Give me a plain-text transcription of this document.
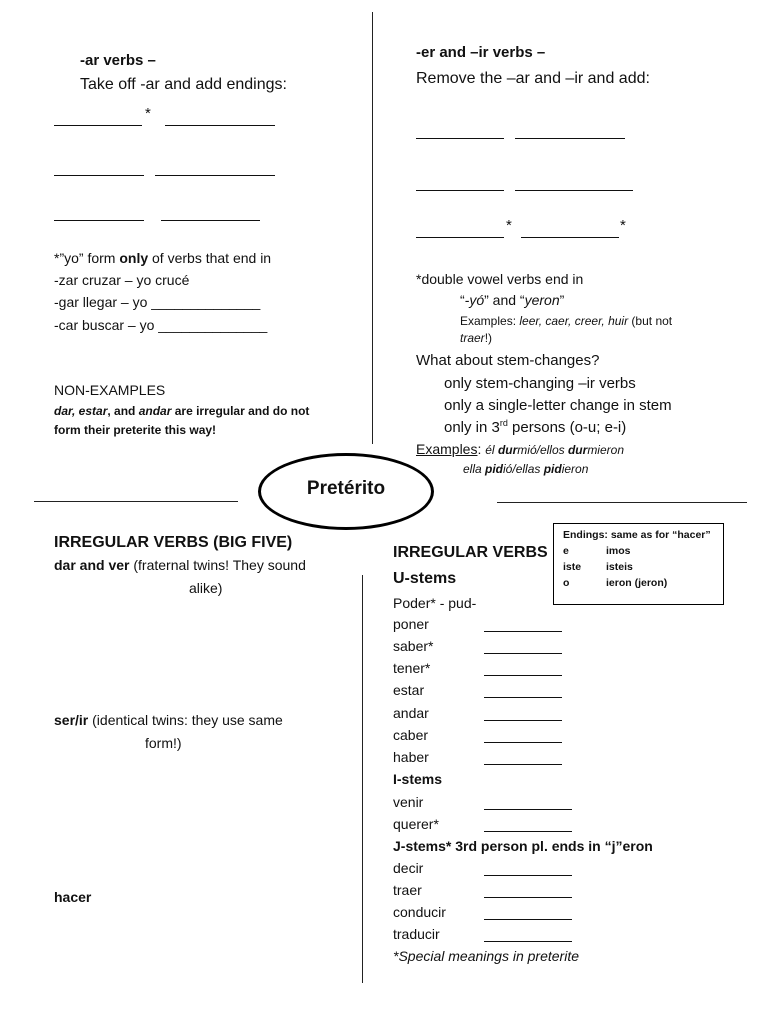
Pretérito
-ar verbs –
Take off -ar and add endings:
*
*”yo” form only of verbs that end in
-zar cruzar – yo crucé
-gar llegar – yo ______________
-car buscar – yo ______________
NON-EXAMPLES
dar, estar, and andar are irregular and do not
form their preterite this way!
-er and –ir verbs –
Remove the –ar and –ir and add:
*	*
*double vowel verbs end in
“-yó” and “yeron”
Examples: leer, caer, creer, huir (but not
traer!)
What about stem-changes?
only stem-changing –ir verbs
only a single-letter change in stem
only in 3rd persons (o-u; e-i)
Examples: él durmió/ellos durmieron
ella pidió/ellas pidieron
IRREGULAR VERBS (BIG FIVE)
dar and ver (fraternal twins! They sound
alike)
ser/ir (identical twins: they use same
form!)
hacer
IRREGULAR VERBS
U-stems
Poder* - pud-
poner
saber*
tener*
estar
andar
caber
haber
I-stems
venir
querer*
J-stems* 3rd person pl. ends in “j”eron
decir
traer
conducir
traducir
*Special meanings in preterite
Endings: same as for “hacer”
e	imos
iste isteis
o	ieron (jeron)
